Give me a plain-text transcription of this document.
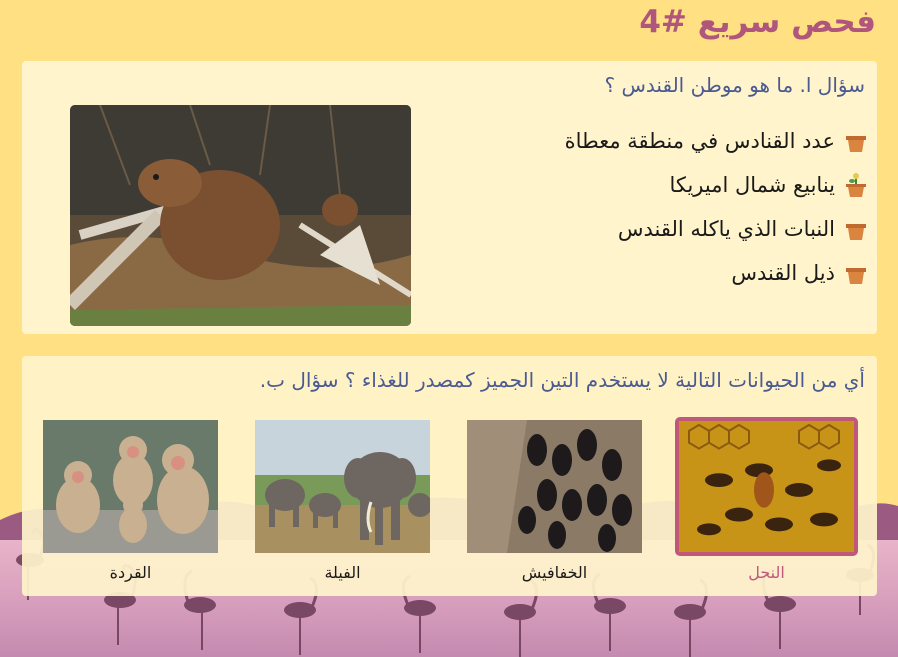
فحص سريع #4
سؤال ا. ما هو موطن القندس ؟
عدد القنادس في منطقة معطاة
ينابيع شمال اميريكا
النبات الذي ياكله القندس
ذيل القندس
أي من الحيوانات التالية لا يستخدم التين الجميز كمصدر للغذاء ؟ سؤال ب.
النحل
الخفافيش
الفيلة
القردة
